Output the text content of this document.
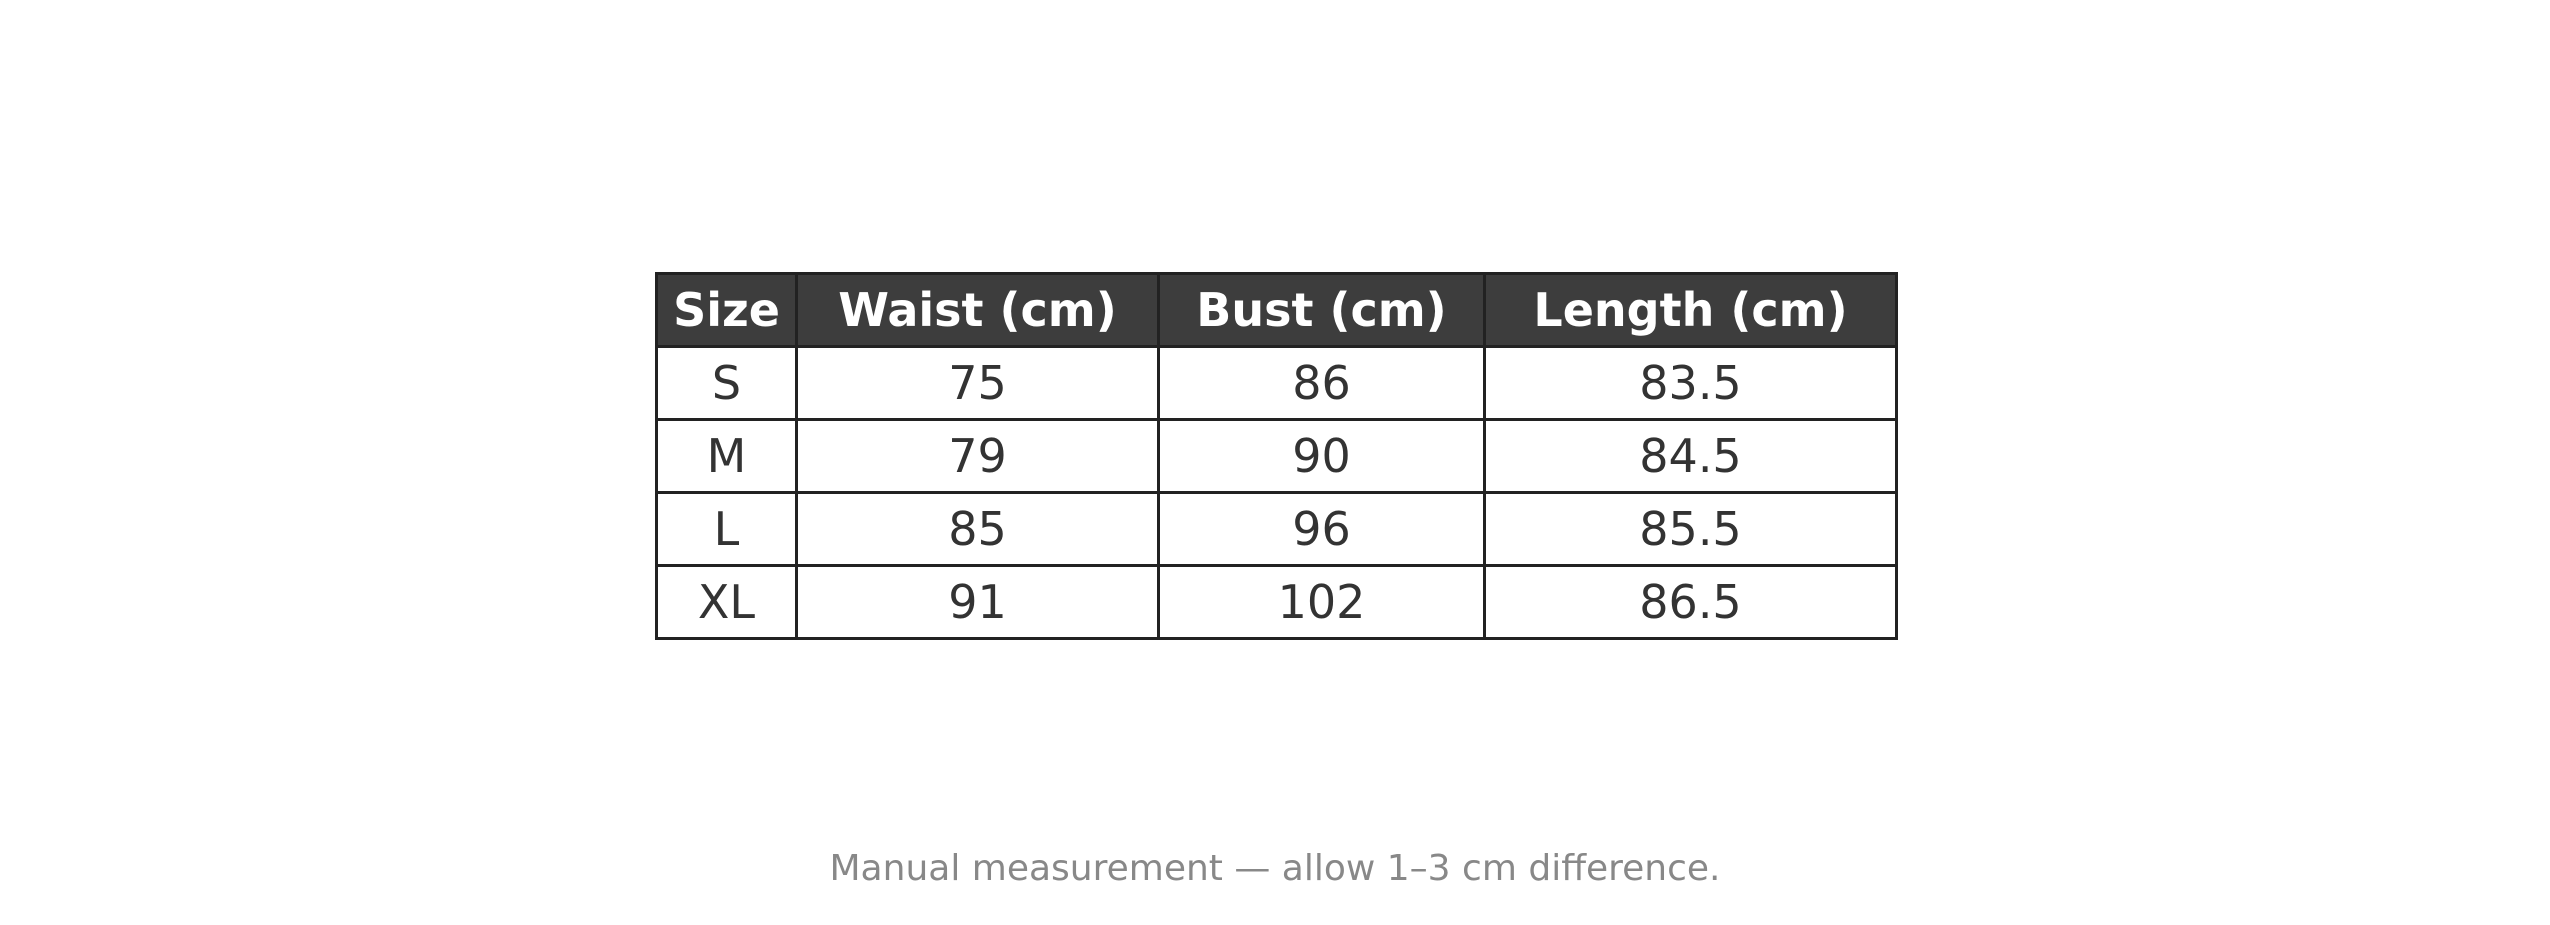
Size	Waist (cm)	Bust (cm)	Length (cm)
S	75	86	83.5
M	79	90	84.5
L	85	96	85.5
XL	91	102	86.5
Manual measurement — allow 1–3 cm difference.
